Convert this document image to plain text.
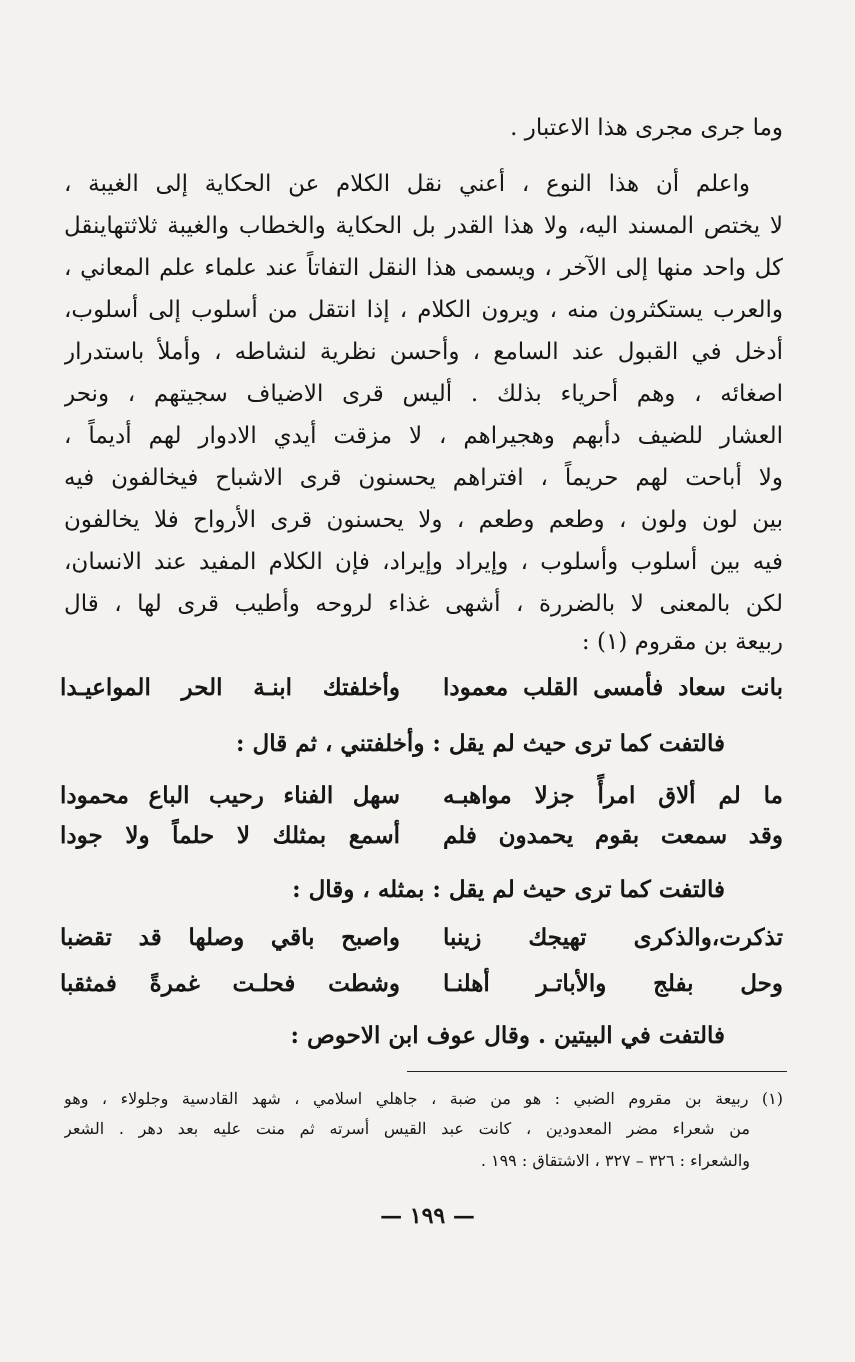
وما جرى مجرى هذا الاعتبار .
واعلم أن هذا النوع ، أعني نقل الكلام عن الحكاية إلى الغيبة ،
لا يختص المسند اليه، ولا هذا القدر بل الحكاية والخطاب والغيبة ثلاثتهاينقل
كل واحد منها إلى الآخر ، ويسمى هذا النقل التفاتاً عند علماء علم المعاني ،
والعرب يستكثرون منه ، ويرون الكلام ، إذا انتقل من أسلوب إلى أسلوب،
أدخل في القبول عند السامع ، وأحسن نظرية لنشاطه ، وأملأ باستدرار
اصغائه ، وهم أحرياء بذلك . أليس قرى الاضياف سجيتهم ، ونحر
العشار للضيف دأبهم وهجيراهم ، لا مزقت أيدي الادوار لهم أديماً ،
ولا أباحت لهم حريماً ، افتراهم يحسنون قرى الاشباح فيخالفون فيه
بين لون ولون ، وطعم وطعم ، ولا يحسنون قرى الأرواح فلا يخالفون
فيه بين أسلوب وأسلوب ، وإيراد وإيراد، فإن الكلام المفيد عند الانسان،
لكن بالمعنى لا بالضررة ، أشهى غذاء لروحه وأطيب قرى لها ، قال
ربيعة بن مقروم (١) :
بانت سعاد فأمسى القلب معمودا
وأخلفتك ابنـة الحر المواعيـدا
فالتفت كما ترى حيث لم يقل : وأخلفتني ، ثم قال :
ما لم ألاق امرأً جزلا مواهبـه
سهل الفناء رحيب الباع محمودا
وقد سمعت بقوم يحمدون فلم
أسمع بمثلك لا حلماً ولا جودا
فالتفت كما ترى حيث لم يقل : بمثله ، وقال :
تذكرت،والذكرى تهيجك زينبا
واصبح باقي وصلها قد تقضبا
وحل بفلج والأباتـر أهلنـا
وشطت فحلـت غمرةً فمثقبا
فالتفت في البيتين . وقال عوف ابن الاحوص :
(١) ربيعة بن مقروم الضبي : هو من ضبة ، جاهلي اسلامي ، شهد القادسية وجلولاء ، وهو
من شعراء مضر المعدودين ، كانت عبد القيس أسرته ثم منت عليه بعد دهر . الشعر
والشعراء : ٣٢٦ – ٣٢٧ ، الاشتقاق : ١٩٩ .
— ١٩٩ —
